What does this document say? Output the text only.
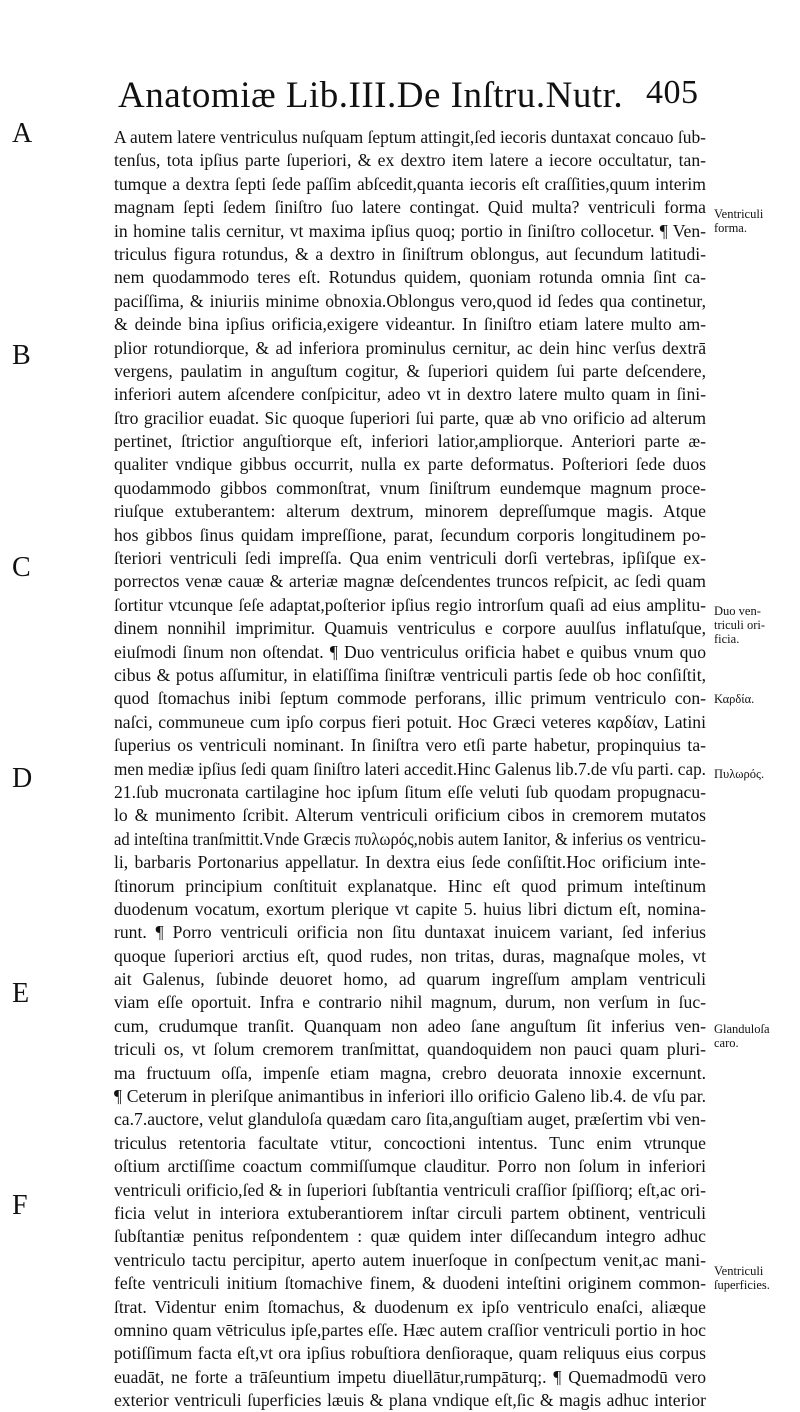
Anatomiæ Lib.III.De Inſtru.Nutr. 405
A
B
C
D
E
F
A autem latere ventriculus nuſquam ſeptum attingit,ſed iecoris duntaxat concauo ſub-
tenſus, tota ipſius parte ſuperiori, & ex dextro item latere a iecore occultatur, tan-
tumque a dextra ſepti ſede paſſim abſcedit,quanta iecoris eſt craſſities,quum interim
magnam ſepti ſedem ſiniſtro ſuo latere contingat. Quid multa? ventriculi forma
in homine talis cernitur, vt maxima ipſius quoq; portio in ſiniſtro collocetur. ¶ Ven-
triculus figura rotundus, & a dextro in ſiniſtrum oblongus, aut ſecundum latitudi-
nem quodammodo teres eſt. Rotundus quidem, quoniam rotunda omnia ſint ca-
paciſſima, & iniuriis minime obnoxia.Oblongus vero,quod id ſedes qua continetur,
& deinde bina ipſius orificia,exigere videantur. In ſiniſtro etiam latere multo am-
plior rotundiorque, & ad inferiora prominulus cernitur, ac dein hinc verſus dextrā
vergens, paulatim in anguſtum cogitur, & ſuperiori quidem ſui parte deſcendere,
inferiori autem aſcendere conſpicitur, adeo vt in dextro latere multo quam in ſini-
ſtro gracilior euadat. Sic quoque ſuperiori ſui parte, quæ ab vno orificio ad alterum
pertinet, ſtrictior anguſtiorque eſt, inferiori latior,ampliorque. Anteriori parte æ-
qualiter vndique gibbus occurrit, nulla ex parte deformatus. Poſteriori ſede duos
quodammodo gibbos commonſtrat, vnum ſiniſtrum eundemque magnum proce-
riuſque extuberantem: alterum dextrum, minorem depreſſumque magis. Atque
hos gibbos ſinus quidam impreſſione, parat, ſecundum corporis longitudinem po-
ſteriori ventriculi ſedi impreſſa. Qua enim ventriculi dorſi vertebras, ipſiſque ex-
porrectos venæ cauæ & arteriæ magnæ deſcendentes truncos reſpicit, ac ſedi quam
ſortitur vtcunque ſeſe adaptat,poſterior ipſius regio introrſum quaſi ad eius amplitu-
dinem nonnihil imprimitur. Quamuis ventriculus e corpore auulſus inflatuſque,
eiuſmodi ſinum non oſtendat. ¶ Duo ventriculus orificia habet e quibus vnum quo
cibus & potus aſſumitur, in elatiſſima ſiniſtræ ventriculi partis ſede ob hoc conſiſtit,
quod ſtomachus inibi ſeptum commode perforans, illic primum ventriculo con-
naſci, communeue cum ipſo corpus fieri potuit. Hoc Græci veteres καρδίαν, Latini
ſuperius os ventriculi nominant. In ſiniſtra vero etſi parte habetur, propinquius ta-
men mediæ ipſius ſedi quam ſiniſtro lateri accedit.Hinc Galenus lib.7.de vſu parti. cap.
21.ſub mucronata cartilagine hoc ipſum ſitum eſſe veluti ſub quodam propugnacu-
lo & munimento ſcribit. Alterum ventriculi orificium cibos in cremorem mutatos
ad inteſtina tranſmittit.Vnde Græcis πυλωρός,nobis autem Ianitor, & inferius os ventricu-
li, barbaris Portonarius appellatur. In dextra eius ſede conſiſtit.Hoc orificium inte-
ſtinorum principium conſtituit explanatque. Hinc eſt quod primum inteſtinum
duodenum vocatum, exortum plerique vt capite 5. huius libri dictum eſt, nomina-
runt. ¶ Porro ventriculi orificia non ſitu duntaxat inuicem variant, ſed inferius
quoque ſuperiori arctius eſt, quod rudes, non tritas, duras, magnaſque moles, vt
ait Galenus, ſubinde deuoret homo, ad quarum ingreſſum amplam ventriculi
viam eſſe oportuit. Infra e contrario nihil magnum, durum, non verſum in ſuc-
cum, crudumque tranſit. Quanquam non adeo ſane anguſtum ſit inferius ven-
triculi os, vt ſolum cremorem tranſmittat, quandoquidem non pauci quam pluri-
ma fructuum oſſa, impenſe etiam magna, crebro deuorata innoxie excernunt.
¶ Ceterum in pleriſque animantibus in inferiori illo orificio Galeno lib.4. de vſu par.
ca.7.auctore, velut glanduloſa quædam caro ſita,anguſtiam auget, præſertim vbi ven-
triculus retentoria facultate vtitur, concoctioni intentus. Tunc enim vtrunque
oſtium arctiſſime coactum commiſſumque clauditur. Porro non ſolum in inferiori
ventriculi orificio,ſed & in ſuperiori ſubſtantia ventriculi craſſior ſpiſſiorq; eſt,ac ori-
ficia velut in interiora extuberantiorem inſtar circuli partem obtinent, ventriculi
ſubſtantiæ penitus reſpondentem : quæ quidem inter diſſecandum integro adhuc
ventriculo tactu percipitur, aperto autem inuerſoque in conſpectum venit,ac mani-
feſte ventriculi initium ſtomachive finem, & duodeni inteſtini originem common-
ſtrat. Videntur enim ſtomachus, & duodenum ex ipſo ventriculo enaſci, aliæque
omnino quam vētriculus ipſe,partes eſſe. Hæc autem craſſior ventriculi portio in hoc
potiſſimum facta eſt,vt ora ipſius robuſtiora denſioraque, quam reliquus eius corpus
euadāt, ne forte a trāſeuntium impetu diuellātur,rumpāturq;. ¶ Quemadmodū vero
exterior ventriculi ſuperficies læuis & plana vndique eſt,ſic & magis adhuc interior
Ventriculi
forma.
Duo ven-
triculi ori-
ficia.
Καρδία.
Πυλωρός.
Glanduloſa
caro.
Ventriculi
ſuperficies.
